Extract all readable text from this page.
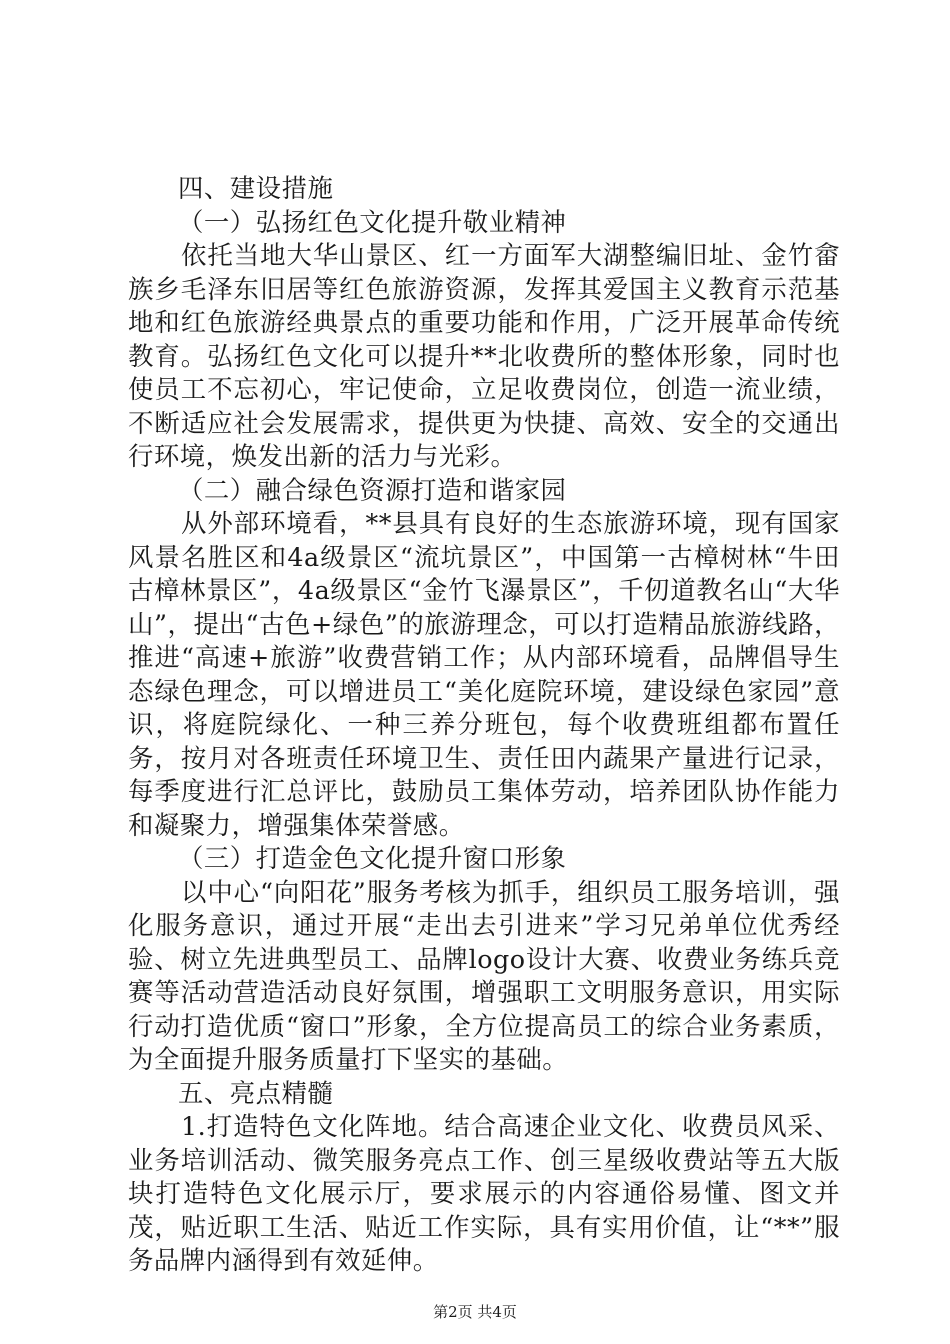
四、建设措施

（一）弘扬红色文化提升敬业精神

依托当地大华山景区、红一方面军大湖整编旧址、金竹畲族乡毛泽东旧居等红色旅游资源，发挥其爱国主义教育示范基地和红色旅游经典景点的重要功能和作用，广泛开展革命传统教育。弘扬红色文化可以提升**北收费所的整体形象，同时也使员工不忘初心，牢记使命，立足收费岗位，创造一流业绩，不断适应社会发展需求，提供更为快捷、高效、安全的交通出行环境，焕发出新的活力与光彩。

（二）融合绿色资源打造和谐家园

从外部环境看，**县具有良好的生态旅游环境，现有国家风景名胜区和4a级景区“流坑景区”，中国第一古樟树林“牛田古樟林景区”，4a级景区“金竹飞瀑景区”，千仞道教名山“大华山”，提出“古色+绿色”的旅游理念，可以打造精品旅游线路，推进“高速+旅游”收费营销工作；从内部环境看，品牌倡导生态绿色理念，可以增进员工“美化庭院环境，建设绿色家园”意识，将庭院绿化、一种三养分班包，每个收费班组都布置任务，按月对各班责任环境卫生、责任田内蔬果产量进行记录，每季度进行汇总评比，鼓励员工集体劳动，培养团队协作能力和凝聚力，增强集体荣誉感。

（三）打造金色文化提升窗口形象

以中心“向阳花”服务考核为抓手，组织员工服务培训，强化服务意识，通过开展“走出去引进来”学习兄弟单位优秀经验、树立先进典型员工、品牌logo设计大赛、收费业务练兵竞赛等活动营造活动良好氛围，增强职工文明服务意识，用实际行动打造优质“窗口”形象，全方位提高员工的综合业务素质，为全面提升服务质量打下坚实的基础。

五、亮点精髓

1.打造特色文化阵地。结合高速企业文化、收费员风采、业务培训活动、微笑服务亮点工作、创三星级收费站等五大版块打造特色文化展示厅，要求展示的内容通俗易懂、图文并茂，贴近职工生活、贴近工作实际，具有实用价值，让“**”服务品牌内涵得到有效延伸。

第2页 共4页
